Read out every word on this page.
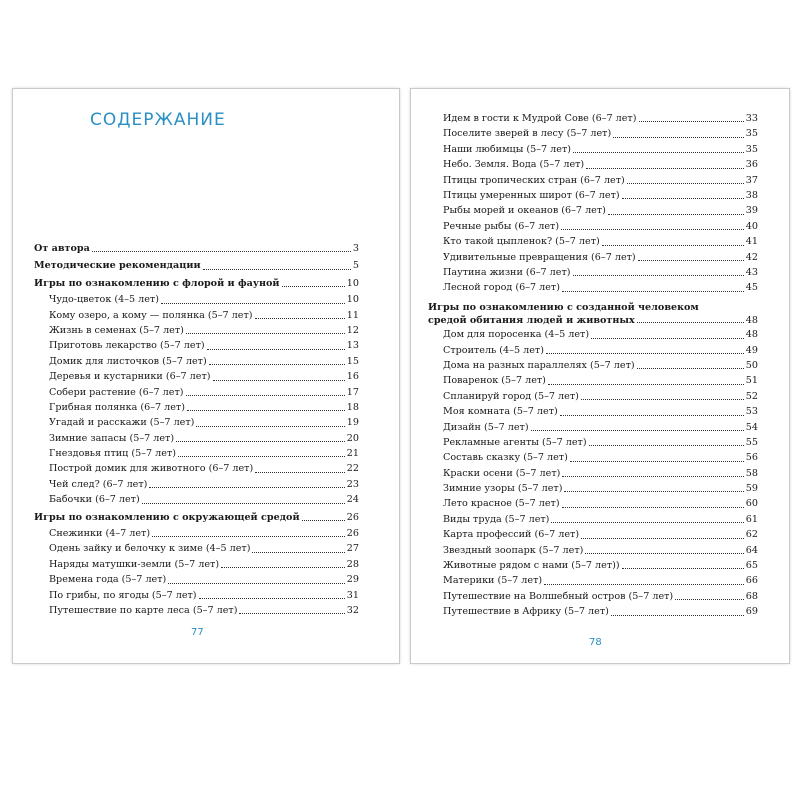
СОДЕРЖАНИЕ
От автора	3
Методические рекомендации	5
Игры по ознакомлению с флорой и фауной	10
Чудо-цветок (4–5 лет)	10
Кому озеро, а кому — полянка (5–7 лет)	11
Жизнь в семенах (5–7 лет)	12
Приготовь лекарство (5–7 лет)	13
Домик для листочков (5–7 лет)	15
Деревья и кустарники (6–7 лет)	16
Собери растение (6–7 лет)	17
Грибная полянка (6–7 лет)	18
Угадай и расскажи (5–7 лет)	19
Зимние запасы (5–7 лет)	20
Гнездовья птиц (5–7 лет)	21
Построй домик для животного (6–7 лет)	22
Чей след? (6–7 лет)	23
Бабочки (6–7 лет)	24
Игры по ознакомлению с окружающей средой	26
Снежинки (4–7 лет)	26
Одень зайку и белочку к зиме (4–5 лет)	27
Наряды матушки-земли (5–7 лет)	28
Времена года (5–7 лет)	29
По грибы, по ягоды (5–7 лет)	31
Путешествие по карте леса (5–7 лет)	32
77
Идем в гости к Мудрой Сове (6–7 лет)	33
Поселите зверей в лесу (5–7 лет)	35
Наши любимцы (5–7 лет)	35
Небо. Земля. Вода (5–7 лет)	36
Птицы тропических стран (6–7 лет)	37
Птицы умеренных широт (6–7 лет)	38
Рыбы морей и океанов (6–7 лет)	39
Речные рыбы (6–7 лет)	40
Кто такой цыпленок? (5–7 лет)	41
Удивительные превращения (6–7 лет)	42
Паутина жизни (6–7 лет)	43
Лесной город (6–7 лет)	45
Игры по ознакомлению с созданной человеком
средой обитания людей и животных	48
Дом для поросенка (4–5 лет)	48
Строитель (4–5 лет)	49
Дома на разных параллелях (5–7 лет)	50
Поваренок (5–7 лет)	51
Спланируй город (5–7 лет)	52
Моя комната (5–7 лет)	53
Дизайн (5–7 лет)	54
Рекламные агенты (5–7 лет)	55
Составь сказку (5–7 лет)	56
Краски осени (5–7 лет)	58
Зимние узоры (5–7 лет)	59
Лето красное (5–7 лет)	60
Виды труда (5–7 лет)	61
Карта профессий (6–7 лет)	62
Звездный зоопарк (5–7 лет)	64
Животные рядом с нами (5–7 лет))	65
Материки (5–7 лет)	66
Путешествие на Волшебный остров (5–7 лет)	68
Путешествие в Африку (5–7 лет)	69
78
